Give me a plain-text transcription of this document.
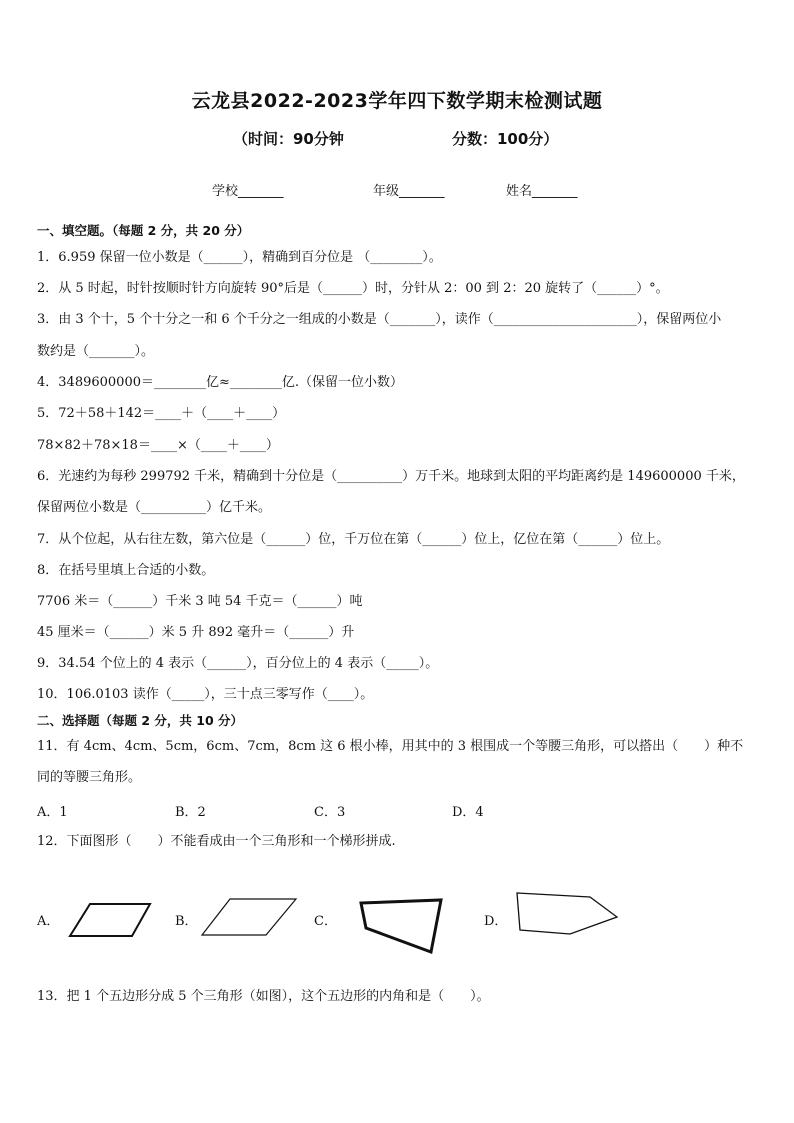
云龙县2022-2023学年四下数学期末检测试题
（时间：90分钟	分数：100分）
学校_______	年级_______	姓名_______
一、填空题。（每题 2 分，共 20 分）
1．6.959 保留一位小数是（______），精确到百分位是 （________）。
2．从 5 时起，时针按顺时针方向旋转 90°后是（______）时，分针从 2：00 到 2：20 旋转了（______）°。
3．由 3 个十，5 个十分之一和 6 个千分之一组成的小数是（_______），读作（______________________），保留两位小
数约是（_______）。
4．3489600000＝________亿≈________亿.（保留一位小数）
5．72＋58＋142＝____＋（____＋____）
78×82＋78×18＝____×（____＋____）
6．光速约为每秒 299792 千米，精确到十分位是（__________）万千米。地球到太阳的平均距离约是 149600000 千米，
保留两位小数是（__________）亿千米。
7．从个位起，从右往左数，第六位是（______）位，千万位在第（______）位上，亿位在第（______）位上。
8．在括号里填上合适的小数。
7706 米＝（______）千米 3 吨 54 千克＝（______）吨
45 厘米＝（______）米 5 升 892 毫升＝（______）升
9．34.54 个位上的 4 表示（______），百分位上的 4 表示（_____）。
10．106.0103 读作（_____），三十点三零写作（____）。
二、选择题（每题 2 分，共 10 分）
11．有 4cm、4cm、5cm，6cm、7cm，8cm 这 6 根小棒，用其中的 3 根围成一个等腰三角形，可以搭出（　　）种不
同的等腰三角形。
A．1	B．2	C．3	D．4
12．下面图形（　　）不能看成由一个三角形和一个梯形拼成.
A．	B．	C．	D．
13．把 1 个五边形分成 5 个三角形（如图），这个五边形的内角和是（　　）。
